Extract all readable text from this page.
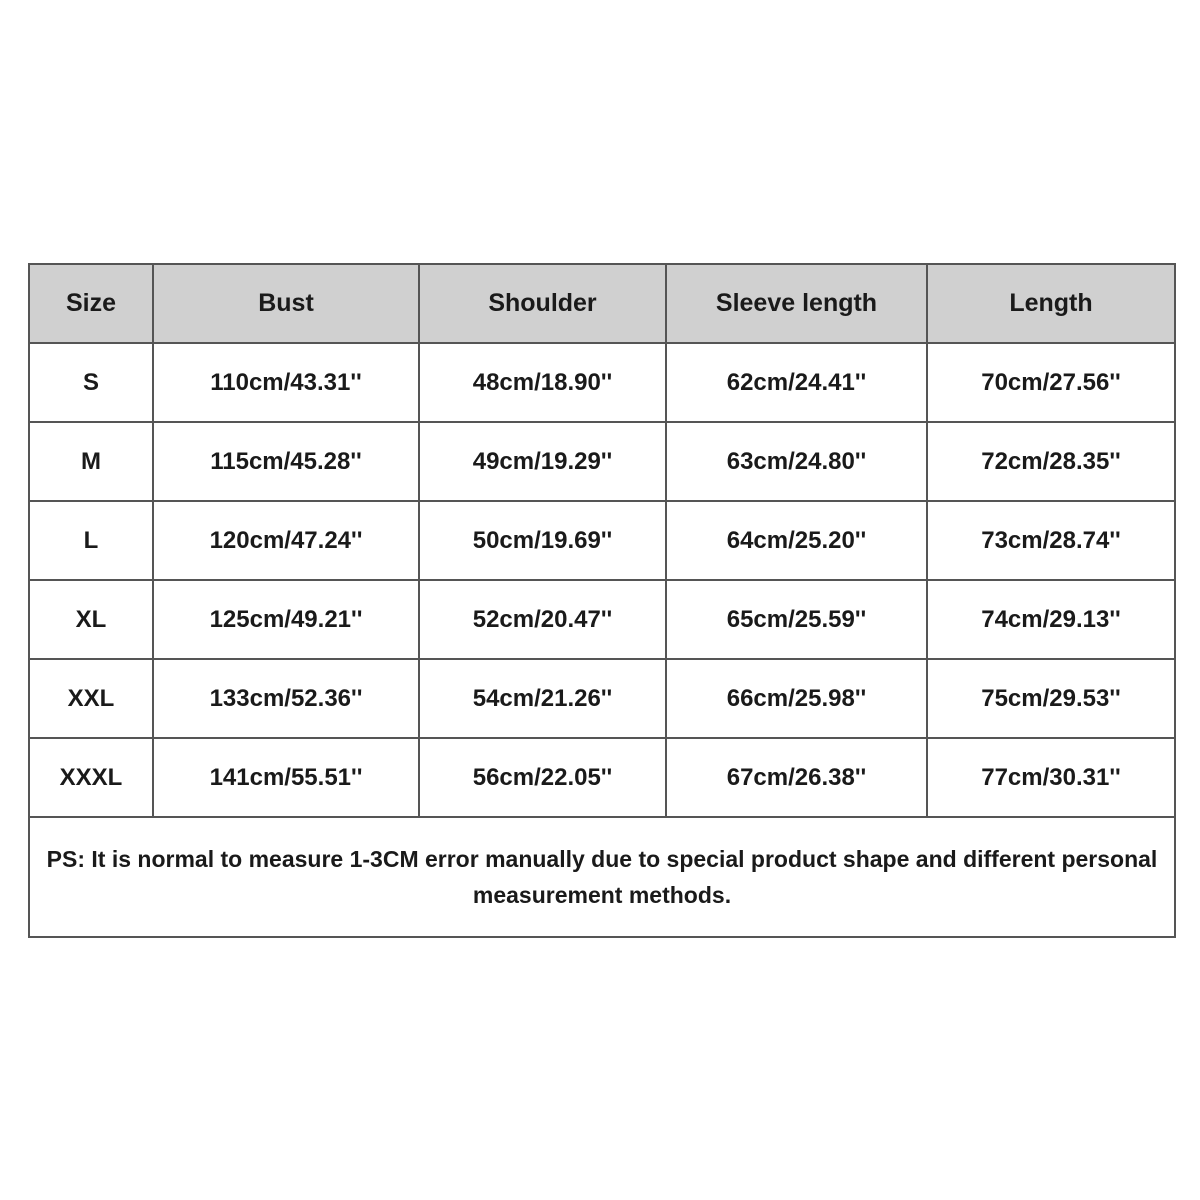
Size	Bust	Shoulder	Sleeve length	Length
S	110cm/43.31''	48cm/18.90''	62cm/24.41''	70cm/27.56''
M	115cm/45.28''	49cm/19.29''	63cm/24.80''	72cm/28.35''
L	120cm/47.24''	50cm/19.69''	64cm/25.20''	73cm/28.74''
XL	125cm/49.21''	52cm/20.47''	65cm/25.59''	74cm/29.13''
XXL	133cm/52.36''	54cm/21.26''	66cm/25.98''	75cm/29.53''
XXXL	141cm/55.51''	56cm/22.05''	67cm/26.38''	77cm/30.31''
PS: It is normal to measure 1-3CM error manually due to special product shape and different personal measurement methods.				
